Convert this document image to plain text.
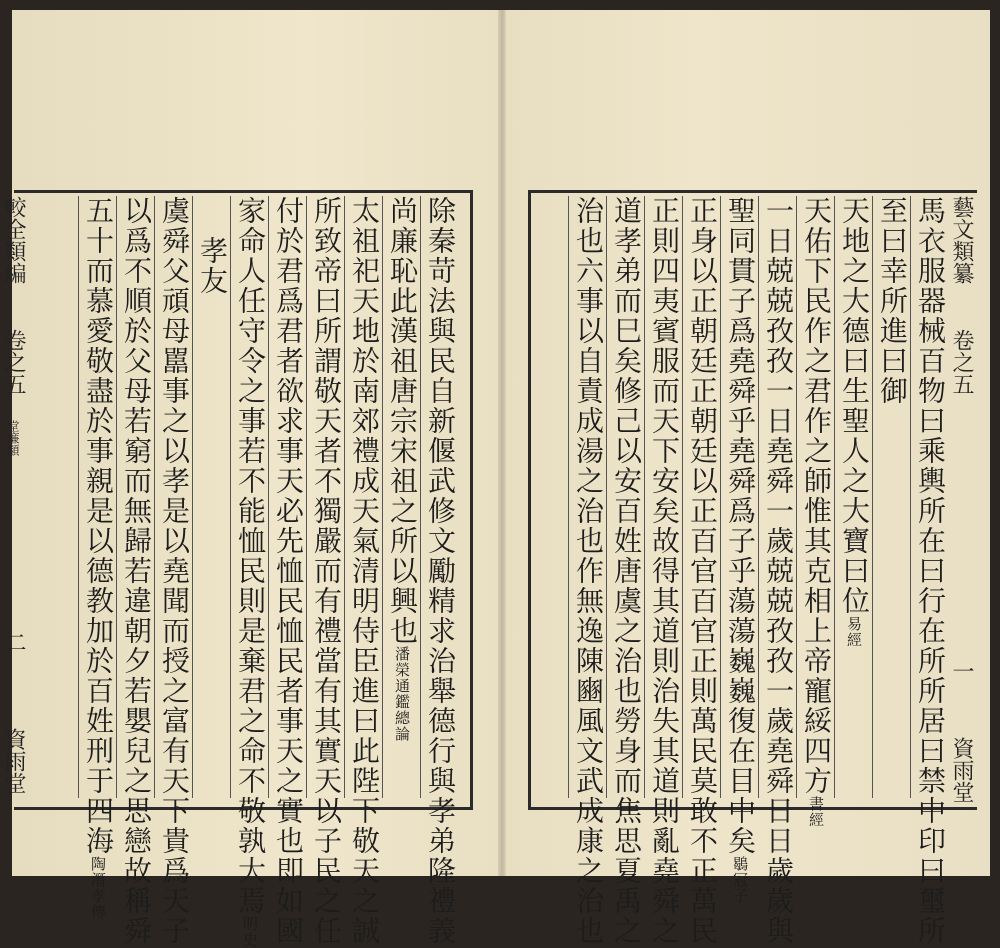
較全類編 卷之五 堂廉類 二 資雨堂
藝文類纂 卷之五 一 資雨堂
馬衣服器械百物曰乘輿所在曰行在所所居曰禁中印曰璽所
至曰幸所進曰御
天地之大德曰生聖人之大寶曰位易經
天佑下民作之君作之師惟其克相上帝寵綏四方書經
一日兢兢孜孜一日堯舜一歲兢兢孜孜一歲堯舜日日歲歲與
聖同貫子爲堯舜乎堯舜爲子乎蕩蕩巍巍復在目中矣鶡冠子
正身以正朝廷正朝廷以正百官百官正則萬民莫敢不正萬民
正則四夷賓服而天下安矣故得其道則治失其道則亂堯舜之
道孝弟而巳矣修己以安百姓唐虞之治也勞身而焦思夏禹之
治也六事以自責成湯之治也作無逸陳豳風文武成康之治也
除秦苛法與民自新偃武修文勵精求治舉德行與孝弟隆禮義
尚廉恥此漢祖唐宗宋祖之所以興也潘榮通鑑總論
太祖祀天地於南郊禮成天氣清明侍臣進曰此陛下敬天之誠
所致帝曰所謂敬天者不獨嚴而有禮當有其實天以子民之任
付於君爲君者欲求事天必先恤民恤民者事天之實也即如國
家命人任守令之事若不能恤民則是棄君之命不敬孰大焉明史
孝友
虞舜父頑母嚚事之以孝是以堯聞而授之富有天下貴爲天子
以爲不順於父母若窮而無歸若違朝夕若嬰兒之思戀故稱舜
五十而慕愛敬盡於事親是以德教加於百姓刑于四海陶潛孝傳
